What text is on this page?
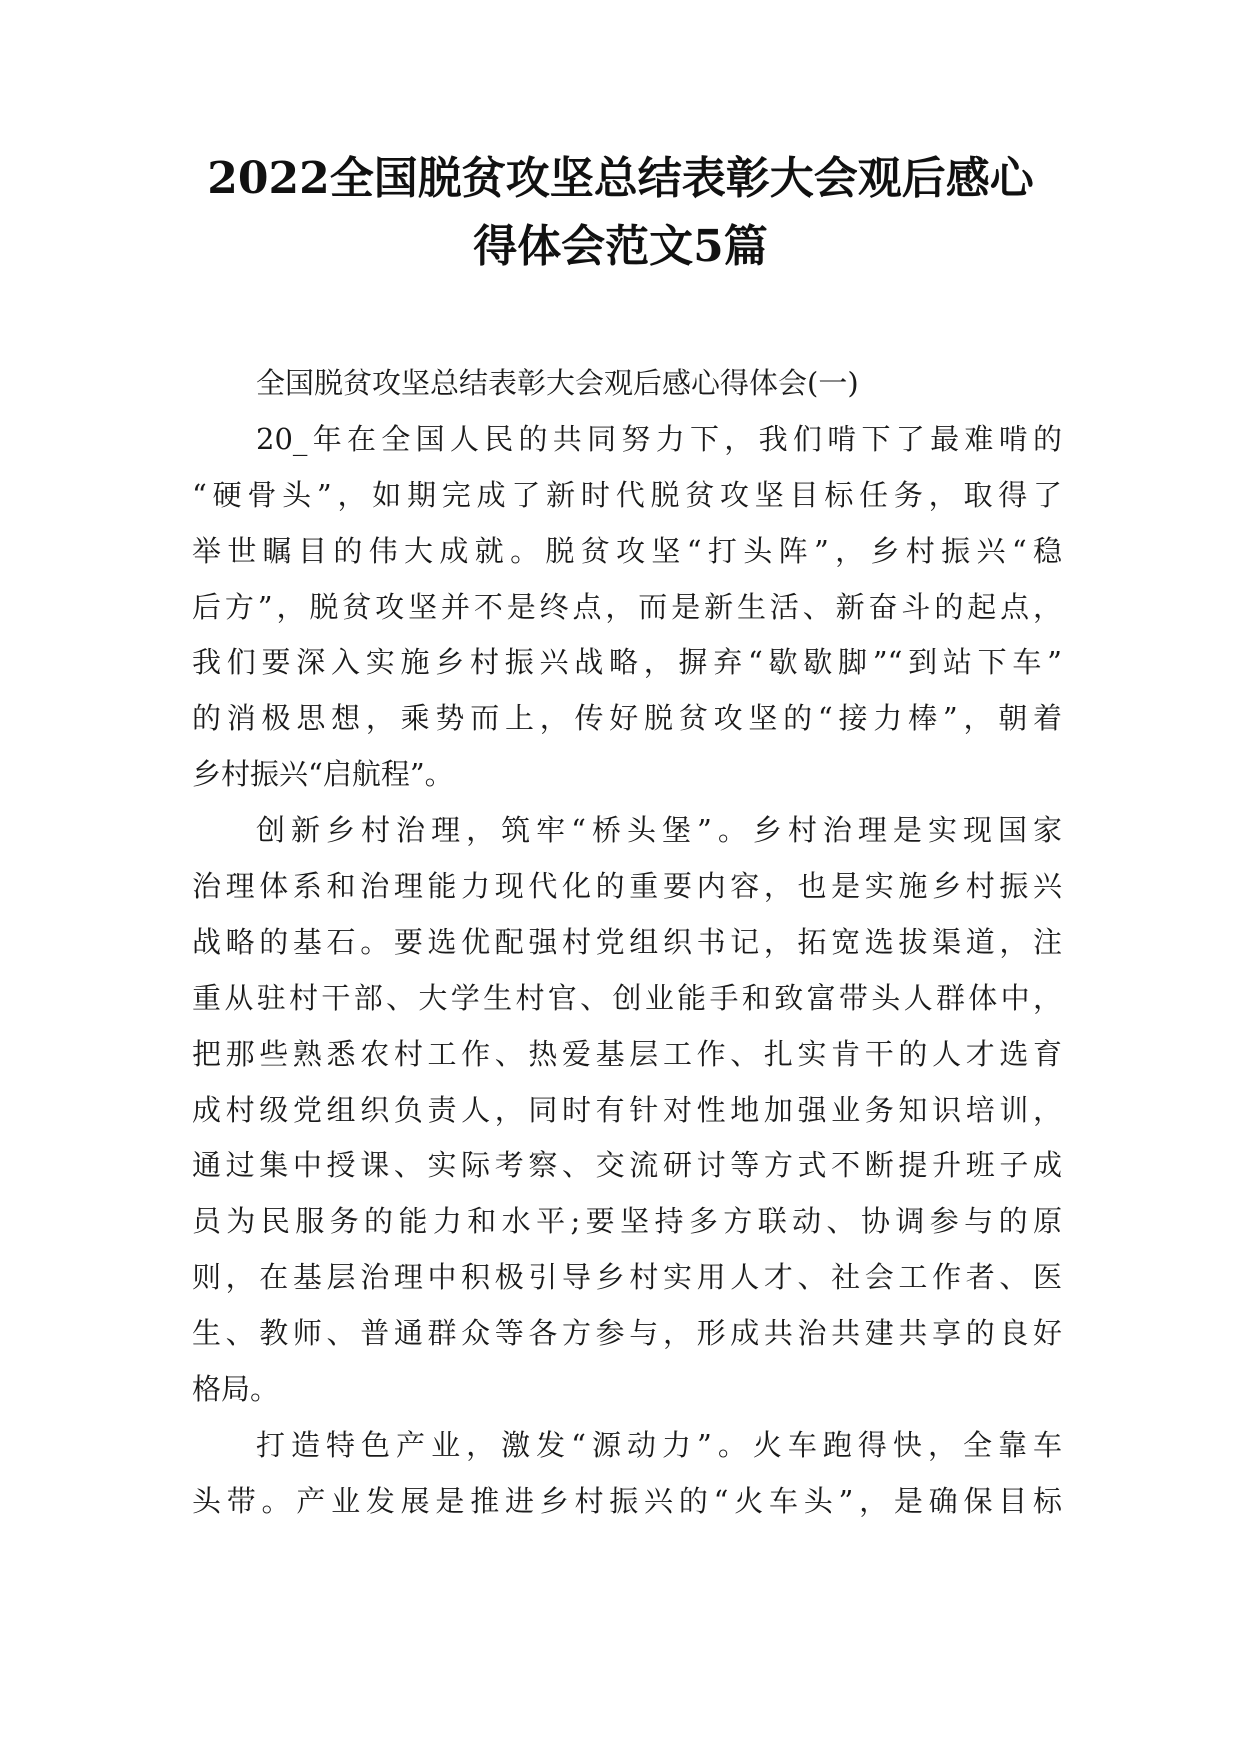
2022全国脱贫攻坚总结表彰大会观后感心
得体会范文5篇
全国脱贫攻坚总结表彰大会观后感心得体会(一)
20_年在全国人民的共同努力下，我们啃下了最难啃的
“硬骨头”，如期完成了新时代脱贫攻坚目标任务，取得了
举世瞩目的伟大成就。脱贫攻坚“打头阵”，乡村振兴“稳
后方”，脱贫攻坚并不是终点，而是新生活、新奋斗的起点，
我们要深入实施乡村振兴战略，摒弃“歇歇脚”“到站下车”
的消极思想，乘势而上，传好脱贫攻坚的“接力棒”，朝着
乡村振兴“启航程”。
创新乡村治理，筑牢“桥头堡”。乡村治理是实现国家
治理体系和治理能力现代化的重要内容，也是实施乡村振兴
战略的基石。要选优配强村党组织书记，拓宽选拔渠道，注
重从驻村干部、大学生村官、创业能手和致富带头人群体中，
把那些熟悉农村工作、热爱基层工作、扎实肯干的人才选育
成村级党组织负责人，同时有针对性地加强业务知识培训，
通过集中授课、实际考察、交流研讨等方式不断提升班子成
员为民服务的能力和水平;要坚持多方联动、协调参与的原
则，在基层治理中积极引导乡村实用人才、社会工作者、医
生、教师、普通群众等各方参与，形成共治共建共享的良好
格局。
打造特色产业，激发“源动力”。火车跑得快，全靠车
头带。产业发展是推进乡村振兴的“火车头”，是确保目标
